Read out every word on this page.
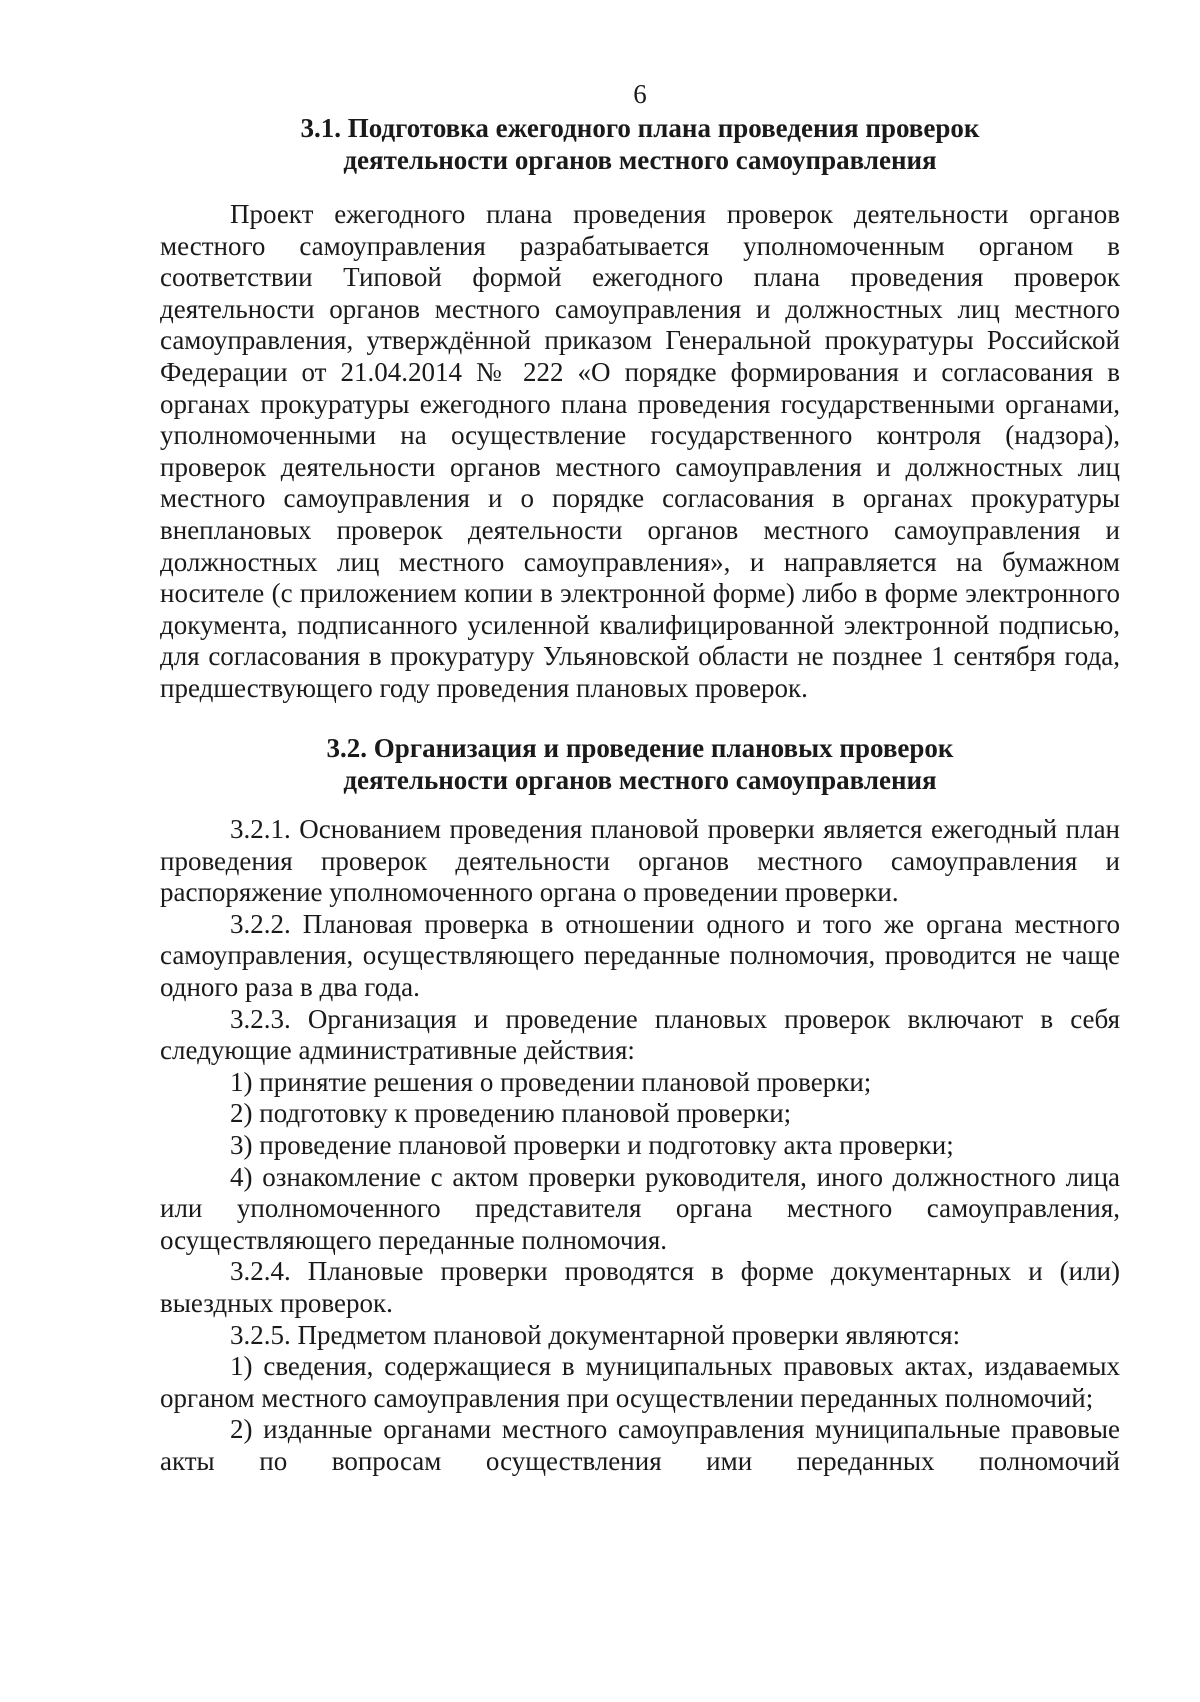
6
3.1. Подготовка ежегодного плана проведения проверок
деятельности органов местного самоуправления

Проект ежегодного плана проведения проверок деятельности органов местного самоуправления разрабатывается уполномоченным органом в соответствии Типовой формой ежегодного плана проведения проверок деятельности органов местного самоуправления и должностных лиц местного самоуправления, утверждённой приказом Генеральной прокуратуры Российской Федерации от 21.04.2014 № 222 «О порядке формирования и согласования в органах прокуратуры ежегодного плана проведения государственными органами, уполномоченными на осуществление государственного контроля (надзора), проверок деятельности органов местного самоуправления и должностных лиц местного самоуправления и о порядке согласования в органах прокуратуры внеплановых проверок деятельности органов местного самоуправления и должностных лиц местного самоуправления», и направляется на бумажном носителе (с приложением копии в электронной форме) либо в форме электронного документа, подписанного усиленной квалифицированной электронной подписью, для согласования в прокуратуру Ульяновской области не позднее 1 сентября года, предшествующего году проведения плановых проверок.

3.2. Организация и проведение плановых проверок
деятельности органов местного самоуправления

3.2.1. Основанием проведения плановой проверки является ежегодный план проведения проверок деятельности органов местного самоуправления и распоряжение уполномоченного органа о проведении проверки.

3.2.2. Плановая проверка в отношении одного и того же органа местного самоуправления, осуществляющего переданные полномочия, проводится не чаще одного раза в два года.

3.2.3. Организация и проведение плановых проверок включают в себя следующие административные действия:

1) принятие решения о проведении плановой проверки;

2) подготовку к проведению плановой проверки;

3) проведение плановой проверки и подготовку акта проверки;

4) ознакомление с актом проверки руководителя, иного должностного лица или уполномоченного представителя органа местного самоуправления, осуществляющего переданные полномочия.

3.2.4. Плановые проверки проводятся в форме документарных и (или) выездных проверок.

3.2.5. Предметом плановой документарной проверки являются:

1) сведения, содержащиеся в муниципальных правовых актах, издаваемых органом местного самоуправления при осуществлении переданных полномочий;

2) изданные органами местного самоуправления муниципальные правовые акты по вопросам осуществления ими переданных полномочий
